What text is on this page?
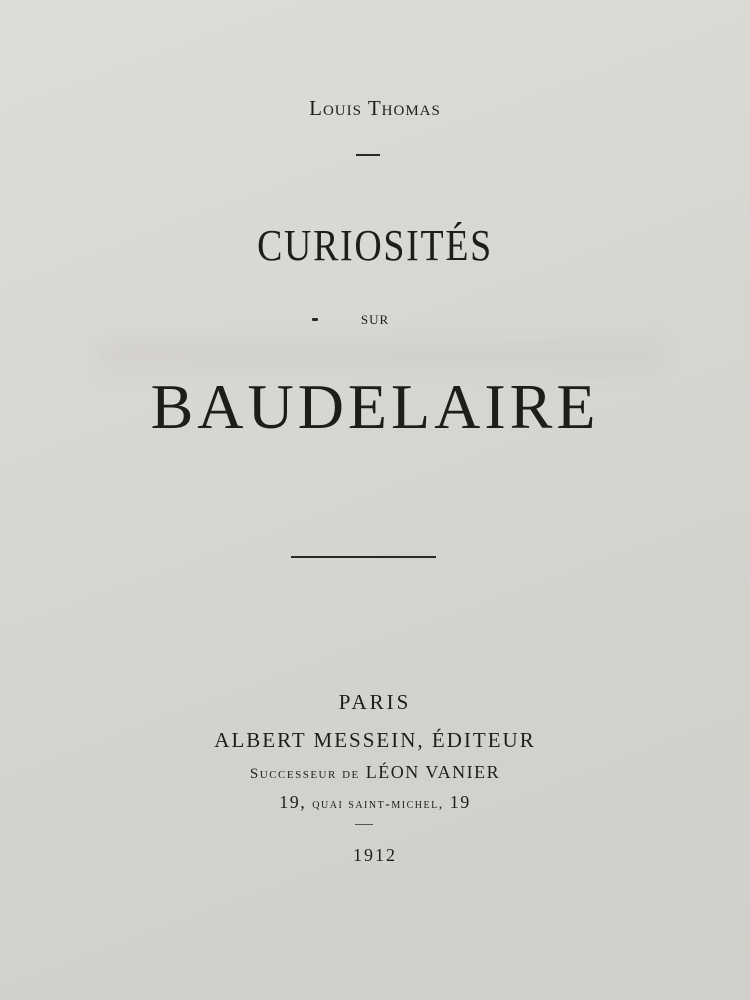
Louis Thomas
CURIOSITÉS
sur
BAUDELAIRE
PARIS
ALBERT MESSEIN, ÉDITEUR
Successeur de LÉON VANIER
19, quai saint-michel, 19
1912
